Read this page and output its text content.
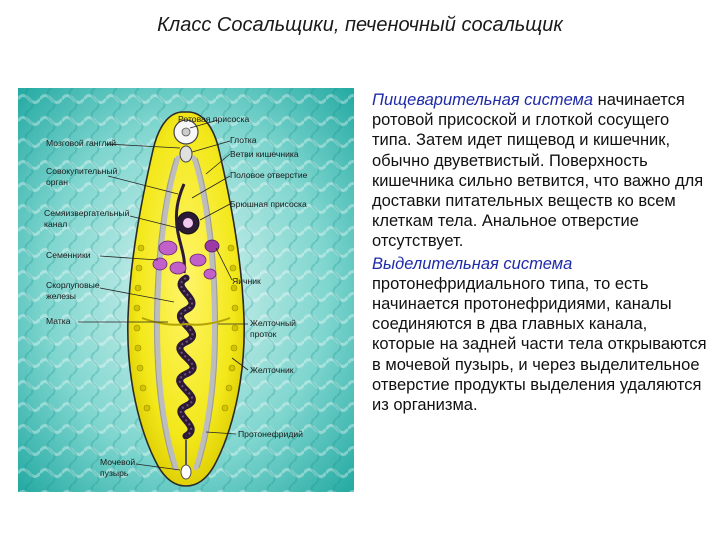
Класс Сосальщики, печеночный сосальщик
Ротовая присоска
Мозговой ганглий	Глотка
Ветви кишечника
Совокупительный
орган
Половое отверстие
Брюшная присоска
Семяизвергательный
канал
Семенники
Яичник
Скорлуповые
железы
Матка	Желточный
проток
Желточник
Протонефридий
Мочевой
пузырь

Пищеварительная система начинается ротовой присоской и глоткой сосущего типа. Затем идет пищевод и кишечник, обычно двуветвистый. Поверхность кишечника сильно ветвится, что важно для доставки питательных веществ ко всем клеткам тела. Анальное отверстие отсутствует.

Выделительная система протонефридиального типа, то есть начинается протонефридиями, каналы соединяются в два главных канала, которые на задней части тела открываются в мочевой пузырь, и через выделительное отверстие продукты выделения удаляются из организма.
